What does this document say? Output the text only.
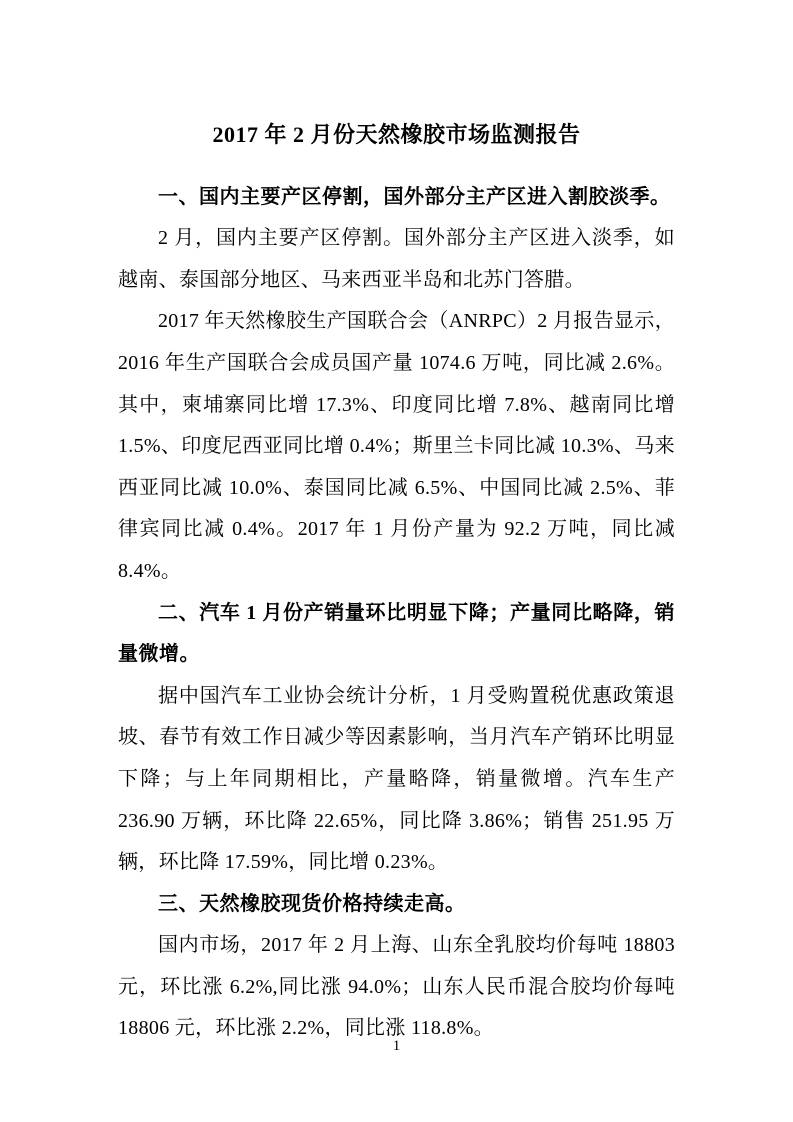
2017 年 2 月份天然橡胶市场监测报告
一、国内主要产区停割，国外部分主产区进入割胶淡季。

2 月，国内主要产区停割。国外部分主产区进入淡季，如越南、泰国部分地区、马来西亚半岛和北苏门答腊。

2017 年天然橡胶生产国联合会（ANRPC）2 月报告显示，2016 年生产国联合会成员国产量 1074.6 万吨，同比减 2.6%。其中，柬埔寨同比增 17.3%、印度同比增 7.8%、越南同比增 1.5%、印度尼西亚同比增 0.4%；斯里兰卡同比减 10.3%、马来西亚同比减 10.0%、泰国同比减 6.5%、中国同比减 2.5%、菲律宾同比减 0.4%。2017 年 1 月份产量为 92.2 万吨，同比减 8.4%。

二、汽车 1 月份产销量环比明显下降；产量同比略降，销量微增。

据中国汽车工业协会统计分析，1 月受购置税优惠政策退坡、春节有效工作日减少等因素影响，当月汽车产销环比明显下降；与上年同期相比，产量略降，销量微增。汽车生产 236.90 万辆，环比降 22.65%，同比降 3.86%；销售 251.95 万辆，环比降 17.59%，同比增 0.23%。

三、天然橡胶现货价格持续走高。

国内市场，2017 年 2 月上海、山东全乳胶均价每吨 18803 元，环比涨 6.2%,同比涨 94.0%；山东人民币混合胶均价每吨 18806 元，环比涨 2.2%，同比涨 118.8%。

1
